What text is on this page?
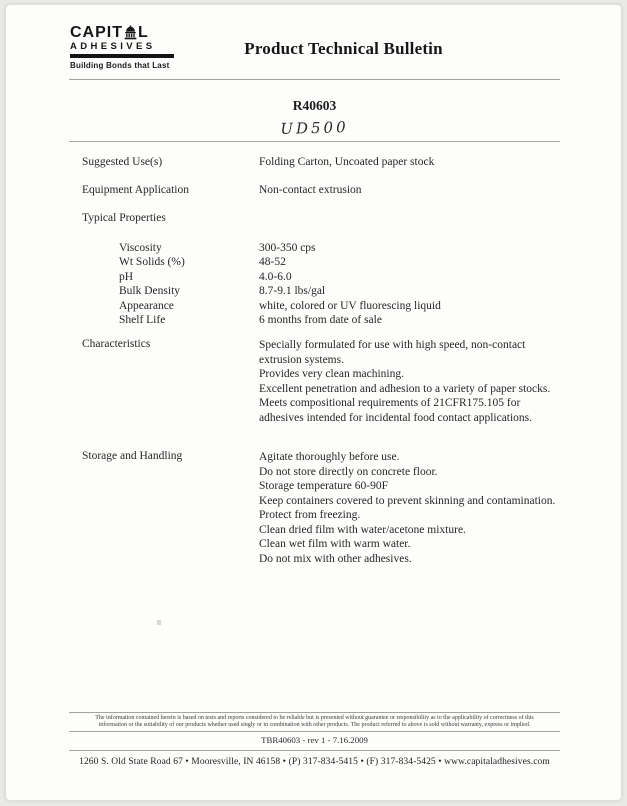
CAPIT L
ADHESIVES
Building Bonds that Last
Product Technical Bulletin
R40603
UD500
Suggested Use(s)	Folding Carton, Uncoated paper stock
Equipment Application	Non-contact extrusion
Typical Properties
Viscosity	300-350 cps
Wt Solids (%)	48-52
pH	4.0-6.0
Bulk Density	8.7-9.1 lbs/gal
Appearance	white, colored or UV fluorescing liquid
Shelf Life	6 months from date of sale
Characteristics	Specially formulated for use with high speed, non-contact extrusion systems.
Provides very clean machining.
Excellent penetration and adhesion to a variety of paper stocks.
Meets compositional requirements of 21CFR175.105 for adhesives intended for incidental food contact applications.
Storage and Handling	Agitate thoroughly before use.
Do not store directly on concrete floor.
Storage temperature 60-90F
Keep containers covered to prevent skinning and contamination.
Protect from freezing.
Clean dried film with water/acetone mixture.
Clean wet film with warm water.
Do not mix with other adhesives.
The information contained herein is based on tests and reports considered to be reliable but is presented without guarantee or responsibility as to the applicability of correctness of this
information or the suitability of our products whether used singly or in combination with other products. The product referred to above is sold without warranty, express or implied.
TBR40603 - rev 1 - 7.16.2009
1260 S. Old State Road 67 • Mooresville, IN 46158 • (P) 317-834-5415 • (F) 317-834-5425 • www.capitaladhesives.com
